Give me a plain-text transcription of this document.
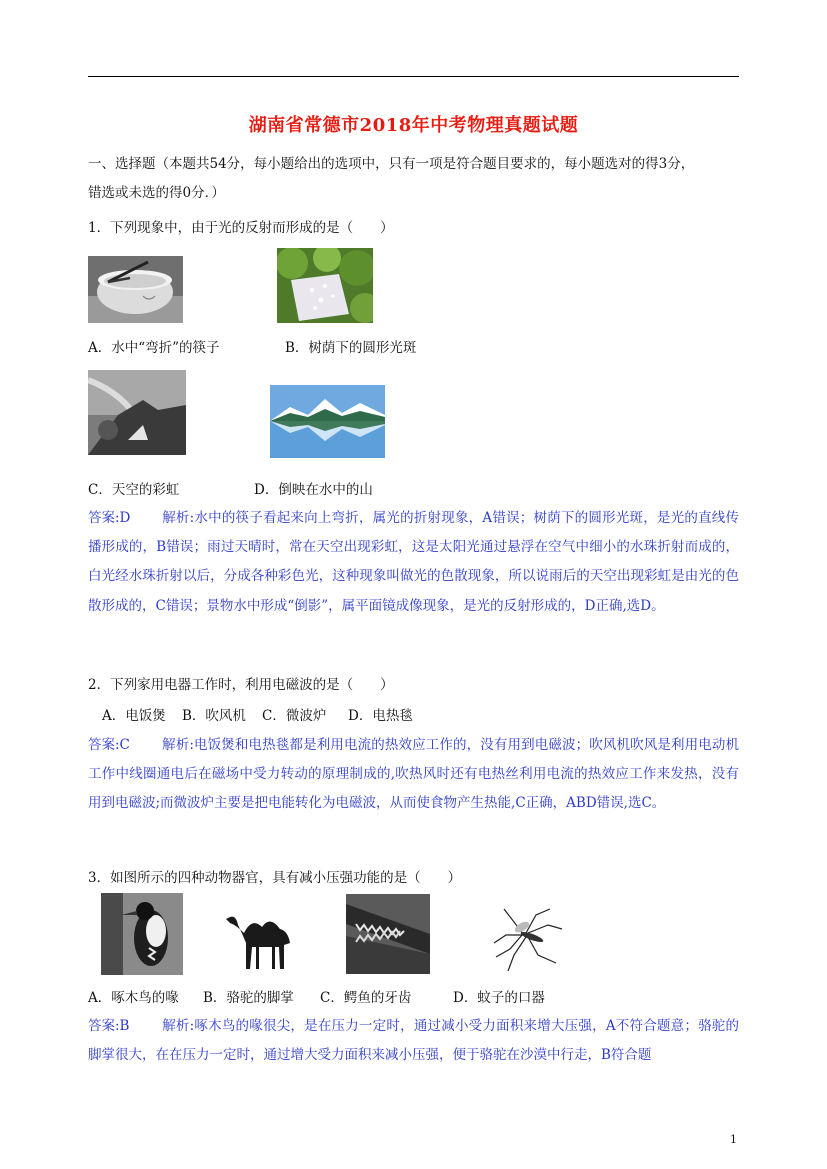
湖南省常德市2018年中考物理真题试题
一、选择题（本题共54分，每小题给出的选项中，只有一项是符合题目要求的，每小题选对的得3分，
错选或未选的得0分．）
1．下列现象中，由于光的反射而形成的是（　　）
A．水中“弯折”的筷子	B．树荫下的圆形光斑
C．天空的彩虹	D．倒映在水中的山
答案:D 解析:水中的筷子看起来向上弯折，属光的折射现象，A错误；树荫下的圆形光斑，是光的直线传播形成的，B错误；雨过天晴时，常在天空出现彩虹，这是太阳光通过悬浮在空气中细小的水珠折射而成的，白光经水珠折射以后，分成各种彩色光，这种现象叫做光的色散现象，所以说雨后的天空出现彩虹是由光的色散形成的，C错误；景物水中形成“倒影”，属平面镜成像现象，是光的反射形成的，D正确,选D。
2．下列家用电器工作时，利用电磁波的是（　　）
A．电饭煲 B．吹风机 C．微波炉 D．电热毯
答案:C 解析:电饭煲和电热毯都是利用电流的热效应工作的，没有用到电磁波；吹风机吹风是利用电动机工作中线圈通电后在磁场中受力转动的原理制成的,吹热风时还有电热丝利用电流的热效应工作来发热，没有用到电磁波;而微波炉主要是把电能转化为电磁波，从而使食物产生热能,C正确，ABD错误,选C。
3．如图所示的四种动物器官，具有减小压强功能的是（　　）
A．啄木鸟的喙 B．骆驼的脚掌 C．鳄鱼的牙齿	D．蚊子的口器
答案:B 解析:啄木鸟的喙很尖，是在压力一定时，通过减小受力面积来增大压强，A不符合题意；骆驼的脚掌很大，在在压力一定时，通过增大受力面积来减小压强，便于骆驼在沙漠中行走，B符合题
1
